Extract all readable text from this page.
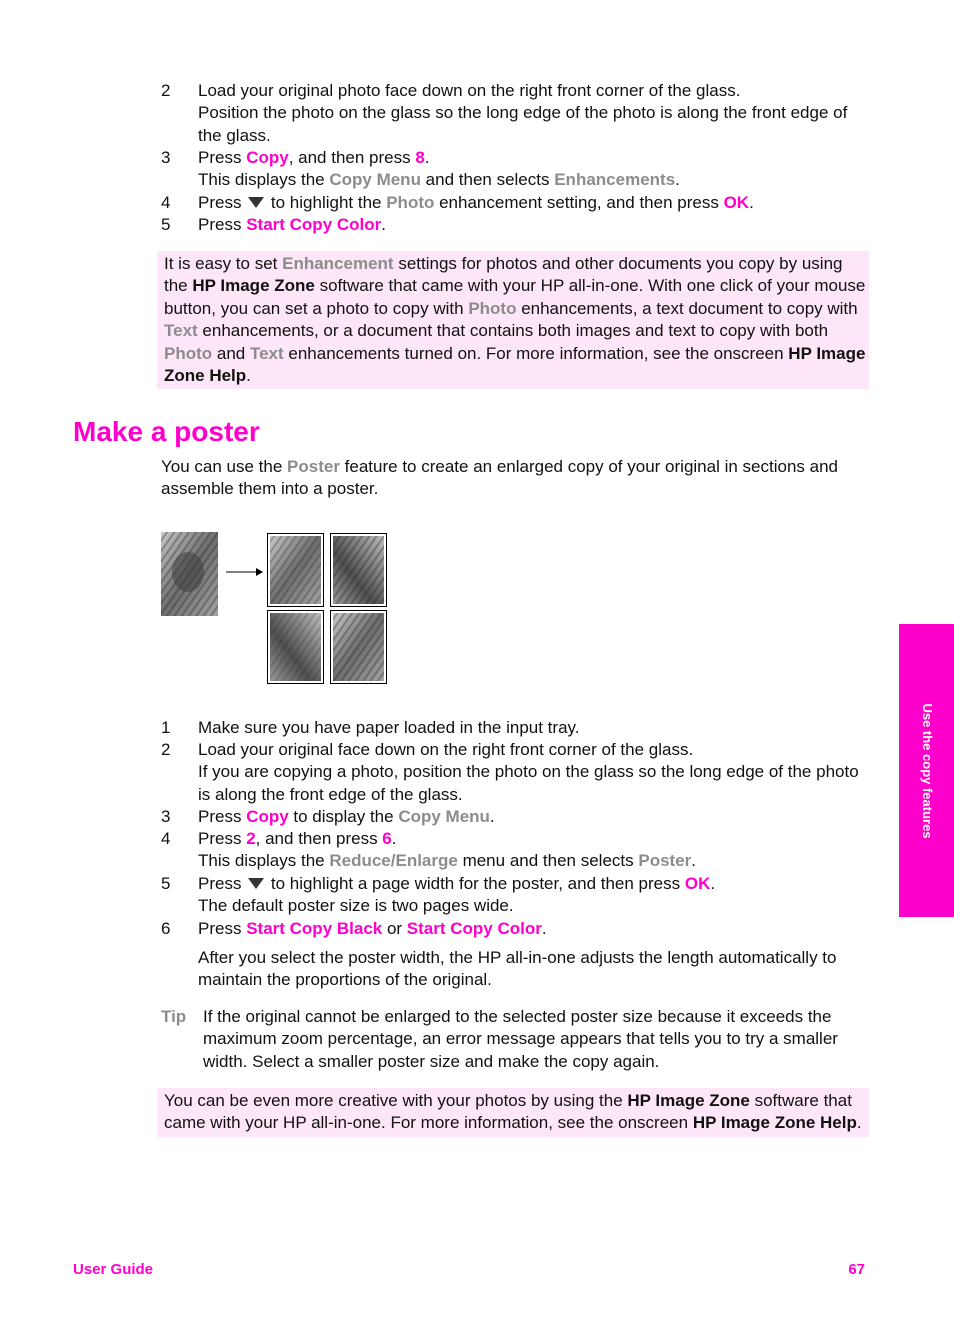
2 Load your original photo face down on the right front corner of the glass.
Position the photo on the glass so the long edge of the photo is along the front edge of the glass.
3 Press Copy, and then press 8.
This displays the Copy Menu and then selects Enhancements.
4 Press  to highlight the Photo enhancement setting, and then press OK.
5 Press Start Copy Color.
It is easy to set Enhancement settings for photos and other documents you copy by using the HP Image Zone software that came with your HP all-in-one. With one click of your mouse button, you can set a photo to copy with Photo enhancements, a text document to copy with Text enhancements, or a document that contains both images and text to copy with both Photo and Text enhancements turned on. For more information, see the onscreen HP Image Zone Help.
Make a poster
You can use the Poster feature to create an enlarged copy of your original in sections and assemble them into a poster.
1 Make sure you have paper loaded in the input tray.
2 Load your original face down on the right front corner of the glass.
If you are copying a photo, position the photo on the glass so the long edge of the photo is along the front edge of the glass.
3 Press Copy to display the Copy Menu.
4 Press 2, and then press 6.
This displays the Reduce/Enlarge menu and then selects Poster.
5 Press  to highlight a page width for the poster, and then press OK.
The default poster size is two pages wide.
6 Press Start Copy Black or Start Copy Color.
After you select the poster width, the HP all-in-one adjusts the length automatically to maintain the proportions of the original.
Tip If the original cannot be enlarged to the selected poster size because it exceeds the maximum zoom percentage, an error message appears that tells you to try a smaller width. Select a smaller poster size and make the copy again.
You can be even more creative with your photos by using the HP Image Zone software that came with your HP all-in-one. For more information, see the onscreen HP Image Zone Help.
Use the copy features
User Guide	67
